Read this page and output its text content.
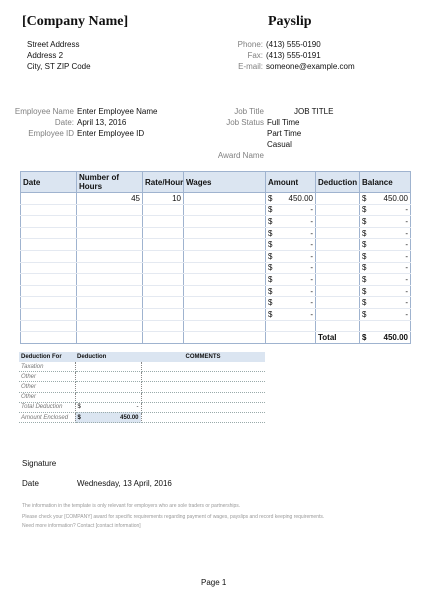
[Company Name]	Payslip
Street Address
Address 2
City, ST ZIP Code
Phone: (413) 555-0190
Fax: (413) 555-0191
E-mail: someone@example.com
Employee Name Enter Employee Name
Date: April 13, 2016
Employee ID Enter Employee ID
Job Title	JOB TITLE
Job Status Full Time
Part Time
Casual
Award Name
Date	Number of Hours	Rate/Hour	Wages	Amount	Deduction	Balance
	45	10		$ 450.00		$ 450.00

				$ -		$ -

				$ -		$ -

				$ -		$ -

				$ -		$ -

				$ -		$ -

				$ -		$ -

				$ -		$ -

				$ -		$ -

				$ -		$ -

				$ -		$ -

					Total	$ 450.00
Deduction For	Deduction	COMMENTS
Taxation		
Other		
Other		
Other		
Total Deduction	$ -	

Amount Enclosed	$ 450.00	

Signature
Date	Wednesday, 13 April, 2016
The information in the template is only relevant for employers who are sole traders or partnerships.
Please check your [COMPANY] award for specific requirements regarding payment of wages, payslips and record keeping requirements.
Need more information? Contact [contact information]
Page 1
